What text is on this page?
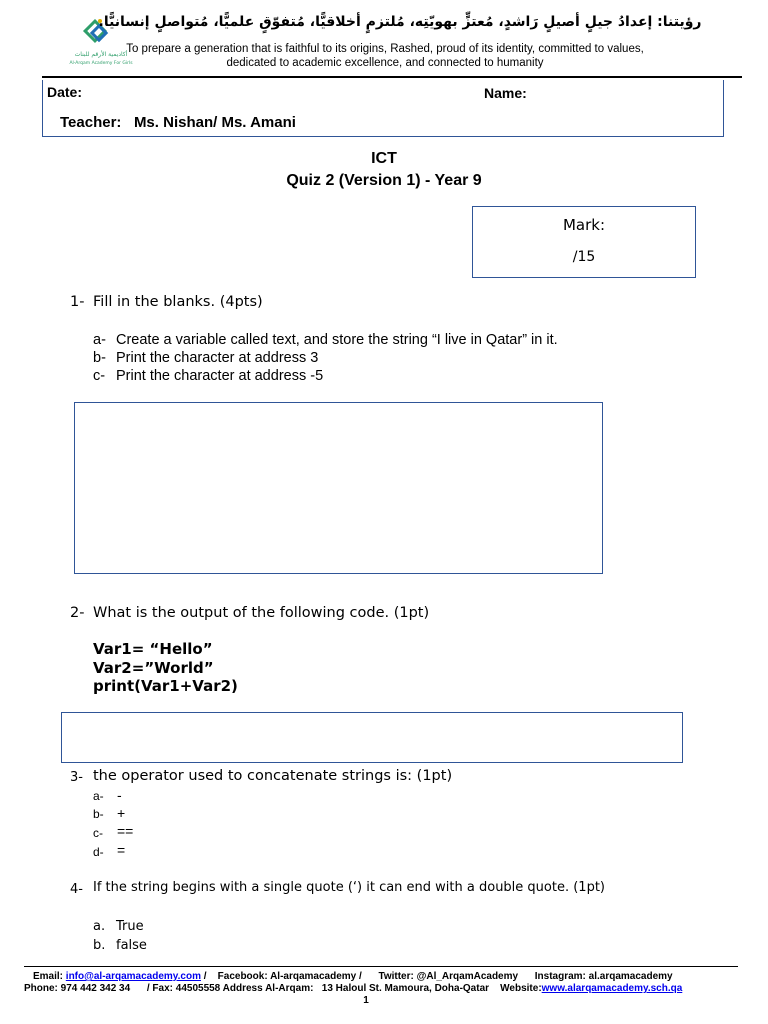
أكاديمية الأرقم للبنات
Al-Arqam Academy For Girls
رؤيتنا: إعدادُ جيلٍ أصيلٍ رَاشدٍ، مُعتزٍّ بهويّتِه، مُلتزمٍ أخلاقيًّا، مُتفوّقٍ علميًّا، مُتواصلٍ إنسانيًّا.
To prepare a generation that is faithful to its origins, Rashed, proud of its identity, committed to values,
dedicated to academic excellence, and connected to humanity
Date:	Name:
Teacher: Ms. Nishan/ Ms. Amani
ICT
Quiz 2 (Version 1) - Year 9
Mark:
/15
1- Fill in the blanks. (4pts)
a- Create a variable called text, and store the string “I live in Qatar” in it.
b- Print the character at address 3
c- Print the character at address -5
2- What is the output of the following code. (1pt)
Var1= “Hello”
Var2=”World”
print(Var1+Var2)
3- the operator used to concatenate strings is: (1pt)
a- -
b- +
c- ==
d- =
4- If the string begins with a single quote (‘) it can end with a double quote. (1pt)
a. True
b. false
Email: info@al-arqamacademy.com / Facebook: Al-arqamacademy / Twitter: @Al_ArqamAcademy Instagram: al.arqamacademy
Phone: 974 442 342 34 / Fax: 44505558 Address Al-Arqam: 13 Haloul St. Mamoura, Doha-Qatar Website:www.alarqamacademy.sch.qa
1
